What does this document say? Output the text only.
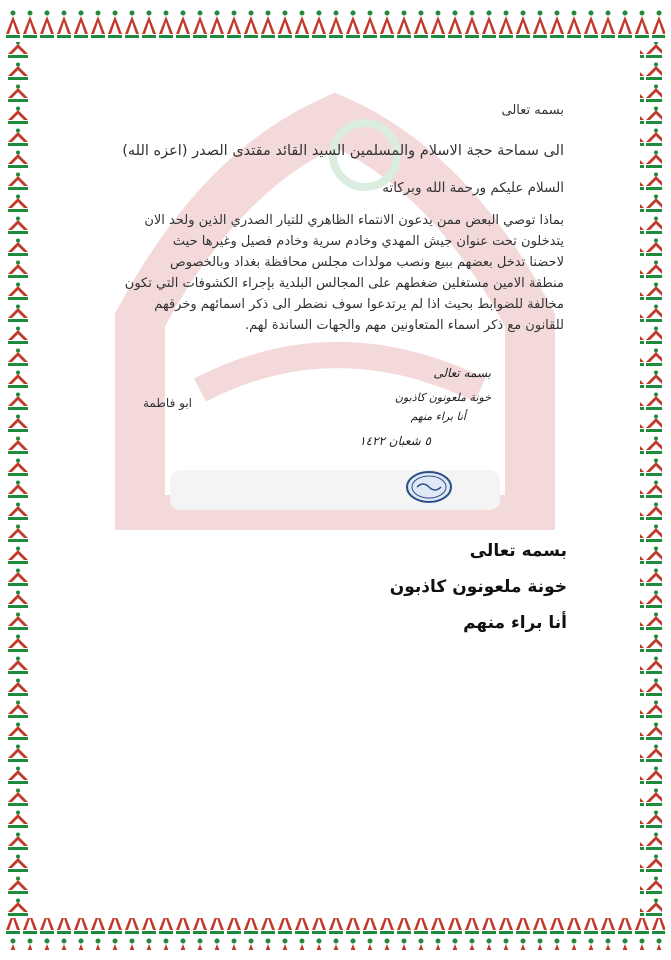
بسمه تعالى
الى سماحة حجة الاسلام والمسلمين السيد القائد مقتدى الصدر (اعزه الله)
السلام عليكم ورحمة الله وبركاته
بماذا توصي البعض ممن يدعون الانتماء الظاهري للتيار الصدري الذين ولحد الان
يتدخلون تحت عنوان جيش المهدي وخادم سرية وخادم فصيل وغيرها حيث
لاحضنا تدخل بعضهم ببيع ونصب مولدات مجلس محافظة بغداد وبالخصوص
منطقة الامين مستغلين ضغطهم على المجالس البلدية بإجراء الكشوفات التي تكون
مخالفة للضوابط بحيث اذا لم يرتدعوا سوف نضطر الى ذكر اسمائهم وخرقهم
للقانون مع ذكر اسماء المتعاونين مهم والجهات الساندة لهم.
ابو فاطمة
بسمه تعالى
خونة ملعونون كاذبون
أنا براء منهم
٥ شعبان ١٤٢٢
بسمه تعالى
خونة ملعونون كاذبون
أنا براء منهم
